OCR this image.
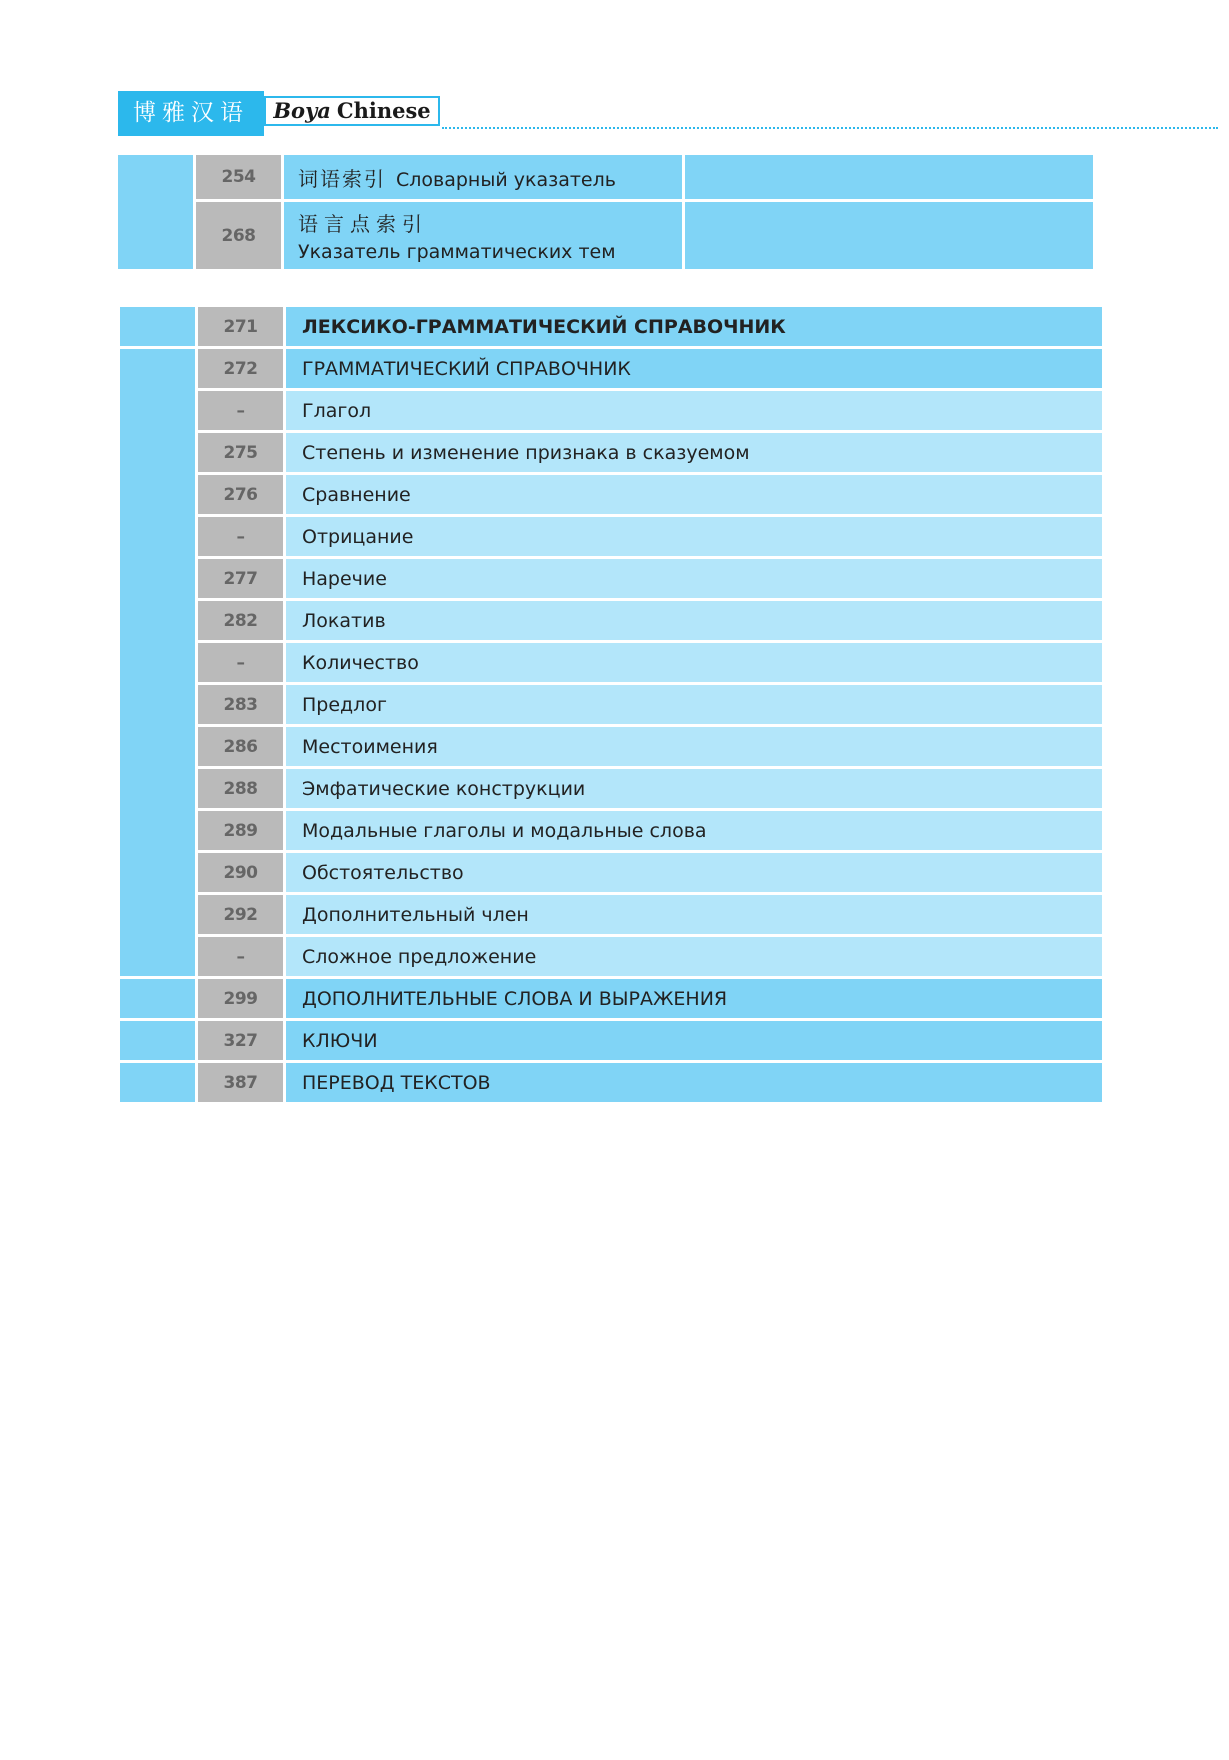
博雅汉语	Boya Chinese
	254	词语索引 Словарный указатель	
	268	语言点索引
Указатель грамматических тем	
	271	ЛЕКСИКО-ГРАММАТИЧЕСКИЙ СПРАВОЧНИК
	272	ГРАММАТИЧЕСКИЙ СПРАВОЧНИК
	–	Глагол
	275	Степень и изменение признака в сказуемом
	276	Сравнение
	–	Отрицание
	277	Наречие
	282	Локатив
	–	Количество
	283	Предлог
	286	Местоимения
	288	Эмфатические конструкции
	289	Модальные глаголы и модальные слова
	290	Обстоятельство
	292	Дополнительный член
	–	Сложное предложение
	299	ДОПОЛНИТЕЛЬНЫЕ СЛОВА И ВЫРАЖЕНИЯ
	327	КЛЮЧИ
	387	ПЕРЕВОД ТЕКСТОВ
